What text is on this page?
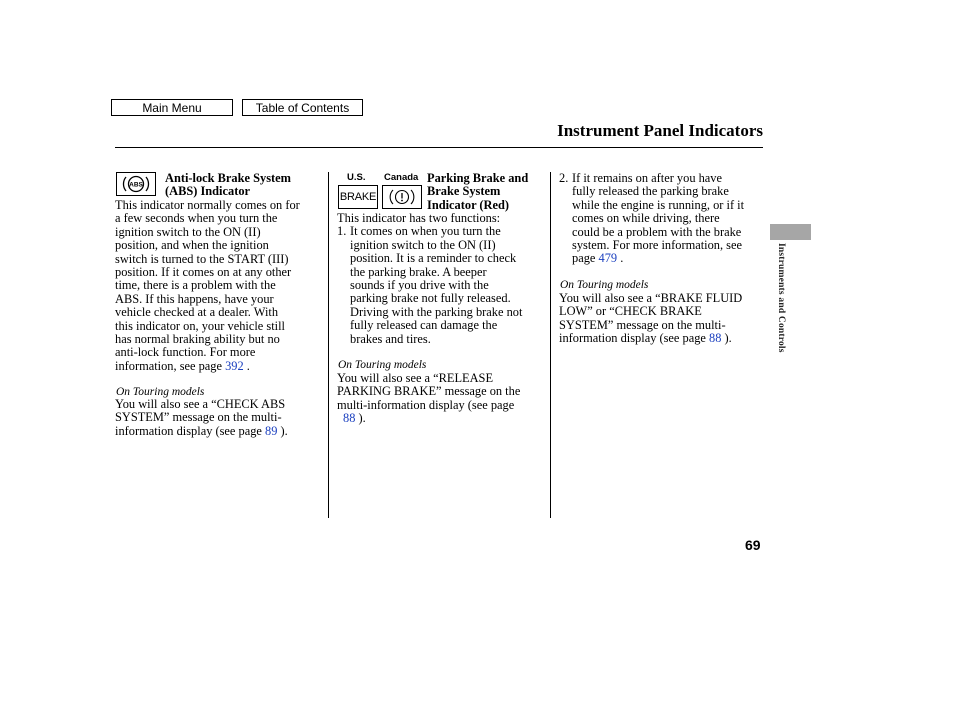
Main Menu	Table of Contents
Instrument Panel Indicators
ABS

Anti-lock Brake System

(ABS) Indicator

This indicator normally comes on for

a few seconds when you turn the

ignition switch to the ON (II)

position, and when the ignition

switch is turned to the START (III)

position. If it comes on at any other

time, there is a problem with the

ABS. If this happens, have your

vehicle checked at a dealer. With

this indicator on, your vehicle still

has normal braking ability but no

anti-lock function. For more

information, see page 392 .

On Touring models

You will also see a “CHECK ABS

SYSTEM” message on the multi-

information display (see page 89 ).

U.S. Canada
BRAKE

Parking Brake and

Brake System

Indicator (Red)

This indicator has two functions:

1. It comes on when you turn the

ignition switch to the ON (II)

position. It is a reminder to check

the parking brake. A beeper

sounds if you drive with the

parking brake not fully released.

Driving with the parking brake not

fully released can damage the

brakes and tires.

On Touring models

You will also see a “RELEASE

PARKING BRAKE” message on the

multi-information display (see page

88 ).

2. If it remains on after you have

fully released the parking brake

while the engine is running, or if it

comes on while driving, there

could be a problem with the brake

system. For more information, see

page 479 .

On Touring models

You will also see a “BRAKE FLUID

LOW” or “CHECK BRAKE

SYSTEM” message on the multi-

information display (see page 88 ).	Instruments and Controls
69
